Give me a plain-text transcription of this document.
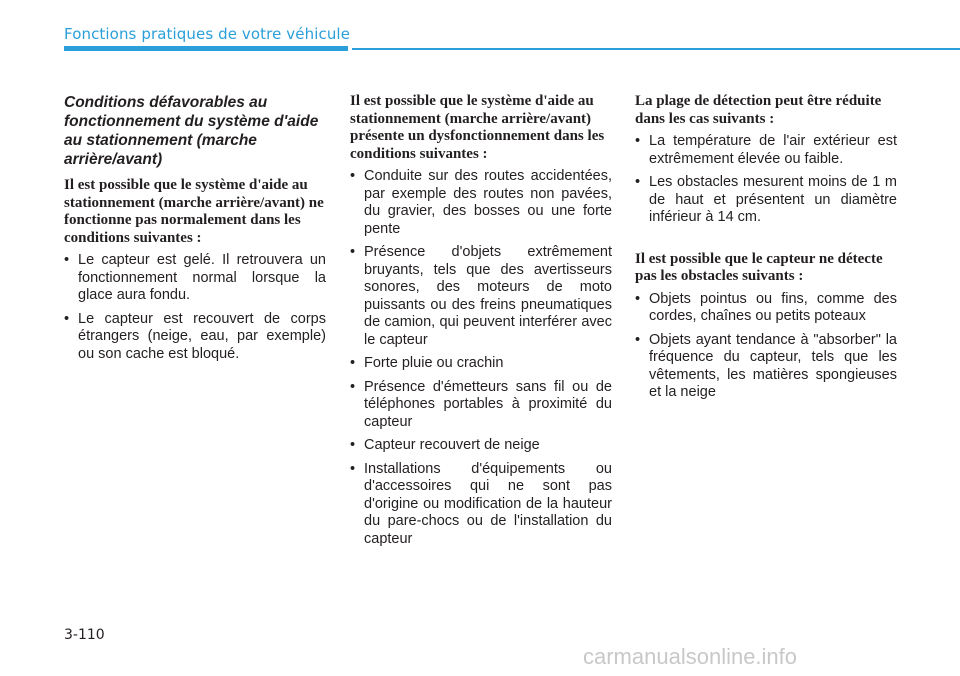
Fonctions pratiques de votre véhicule
Conditions défavorables au fonctionnement du système d'aide au stationnement (marche arrière/avant)
Il est possible que le système d'aide au stationnement (marche arrière/avant) ne fonctionne pas normalement dans les conditions suivantes :
• Le capteur est gelé. Il retrouvera un fonctionnement normal lorsque la glace aura fondu.
• Le capteur est recouvert de corps étrangers (neige, eau, par exemple) ou son cache est bloqué.
Il est possible que le système d'aide au stationnement (marche arrière/avant) présente un dysfonctionnement dans les conditions suivantes :
• Conduite sur des routes accidentées, par exemple des routes non pavées, du gravier, des bosses ou une forte pente
• Présence d'objets extrêmement bruyants, tels que des avertisseurs sonores, des moteurs de moto puissants ou des freins pneumatiques de camion, qui peuvent interférer avec le capteur
• Forte pluie ou crachin
• Présence d'émetteurs sans fil ou de téléphones portables à proximité du capteur
• Capteur recouvert de neige
• Installations d'équipements ou d'accessoires qui ne sont pas d'origine ou modification de la hauteur du pare-chocs ou de l'installation du capteur
La plage de détection peut être réduite dans les cas suivants :
• La température de l'air extérieur est extrêmement élevée ou faible.
• Les obstacles mesurent moins de 1 m de haut et présentent un diamètre inférieur à 14 cm.
Il est possible que le capteur ne détecte pas les obstacles suivants :
• Objets pointus ou fins, comme des cordes, chaînes ou petits poteaux
• Objets ayant tendance à "absorber" la fréquence du capteur, tels que les vêtements, les matières spongieuses et la neige
3-110
carmanualsonline.info
